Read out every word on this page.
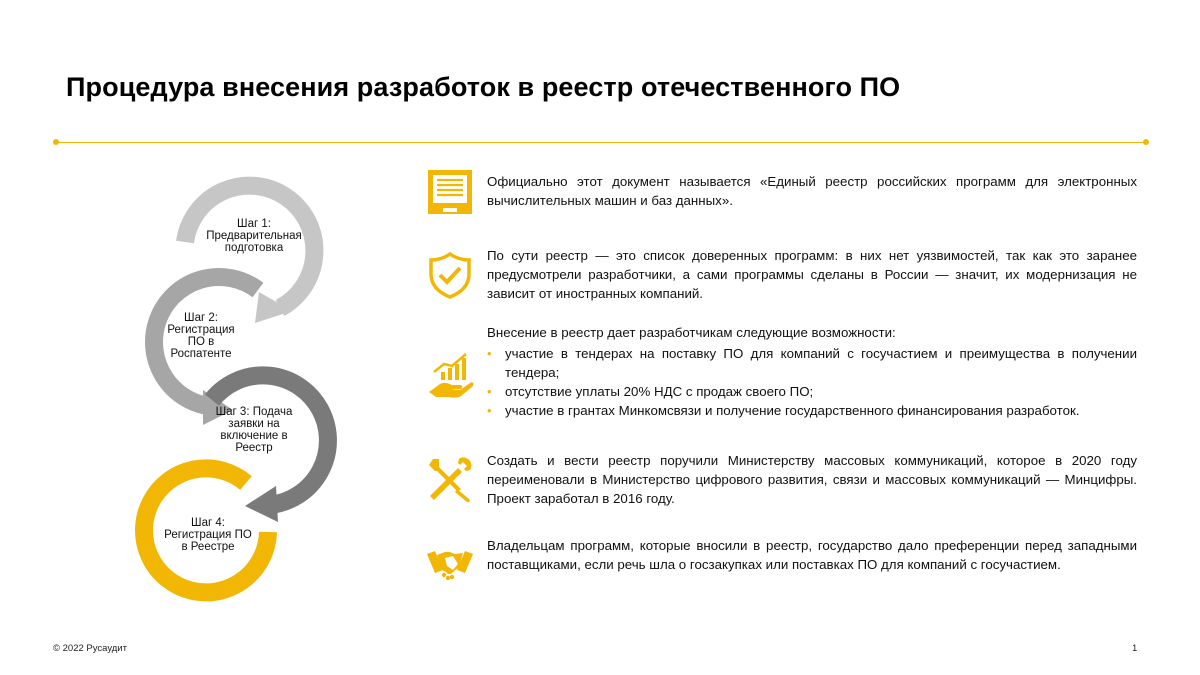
Процедура внесения разработок в реестр отечественного ПО
Шаг 1: Предварительная подготовка
Шаг 2: Регистрация ПО в Роспатенте
Шаг 3: Подача заявки на включение в Реестр
Шаг 4: Регистрация ПО в Реестре

Официально этот документ называется «Единый реестр российских программ для электронных вычислительных машин и баз данных».

По сути реестр — это список доверенных программ: в них нет уязвимостей, так как это заранее предусмотрели разработчики, а сами программы сделаны в России — значит, их модернизация не зависит от иностранных компаний.

Внесение в реестр дает разработчикам следующие возможности:

• участие в тендерах на поставку ПО для компаний с госучастием и преимущества в получении тендера;
• отсутствие уплаты 20% НДС с продаж своего ПО;
• участие в грантах Минкомсвязи и получение государственного финансирования разработок.

Создать и вести реестр поручили Министерству массовых коммуникаций, которое в 2020 году переименовали в Министерство цифрового развития, связи и массовых коммуникаций — Минцифры. Проект заработал в 2016 году.

Владельцам программ, которые вносили в реестр, государство дало преференции перед западными поставщиками, если речь шла о госзакупках или поставках ПО для компаний с госучастием.

© 2022 Русаудит	1
